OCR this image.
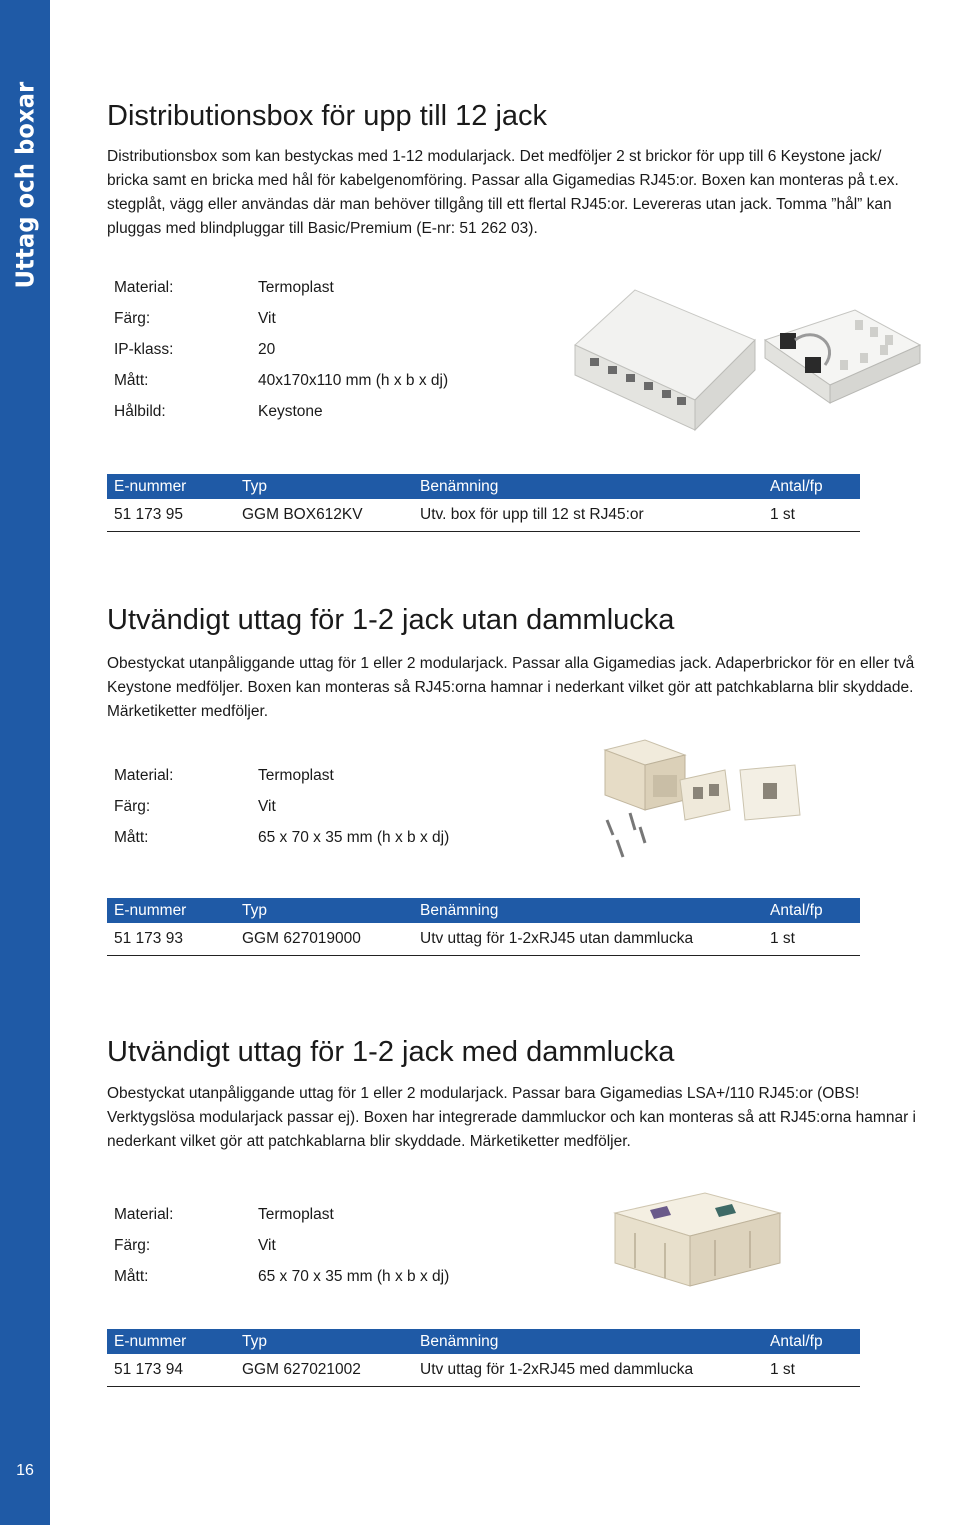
Uttag och boxar
16
Distributionsbox för upp till 12 jack
Distributionsbox som kan bestyckas med 1-12 modularjack. Det medföljer 2 st brickor för upp till 6 Keystone jack/ bricka samt en bricka med hål för kabelgenomföring. Passar alla Gigamedias RJ45:or. Boxen kan monteras på t.ex. stegplåt, vägg eller användas där man behöver tillgång till ett flertal RJ45:or. Levereras utan jack. Tomma ”hål” kan pluggas med blindpluggar till Basic/Premium (E-nr: 51 262 03).
Material:	Termoplast
Färg:	Vit
IP-klass:	20
Mått:	40x170x110 mm (h x b x dj)
Hålbild:	Keystone
E-nummer	Typ	Benämning	Antal/fp
51 173 95	GGM BOX612KV	Utv. box för upp till 12 st RJ45:or	1 st
Utvändigt uttag för 1-2 jack utan dammlucka
Obestyckat utanpåliggande uttag för 1 eller 2 modularjack. Passar alla Gigamedias jack. Adaperbrickor för en eller två Keystone medföljer. Boxen kan monteras så RJ45:orna hamnar i nederkant vilket gör att patchkablarna blir skyddade. Märketiketter medföljer.
Material:	Termoplast
Färg:	Vit
Mått:	65 x 70 x 35 mm (h x b x dj)
E-nummer	Typ	Benämning	Antal/fp
51 173 93	GGM 627019000	Utv uttag för 1-2xRJ45 utan dammlucka	1 st
Utvändigt uttag för 1-2 jack med dammlucka
Obestyckat utanpåliggande uttag för 1 eller 2 modularjack. Passar bara Gigamedias LSA+/110 RJ45:or (OBS! Verktygslösa modularjack passar ej). Boxen har integrerade dammluckor och kan monteras så att RJ45:orna hamnar i nederkant vilket gör att patchkablarna blir skyddade. Märketiketter medföljer.
Material:	Termoplast
Färg:	Vit
Mått:	65 x 70 x 35 mm (h x b x dj)
E-nummer	Typ	Benämning	Antal/fp
51 173 94	GGM 627021002	Utv uttag för 1-2xRJ45 med dammlucka	1 st
